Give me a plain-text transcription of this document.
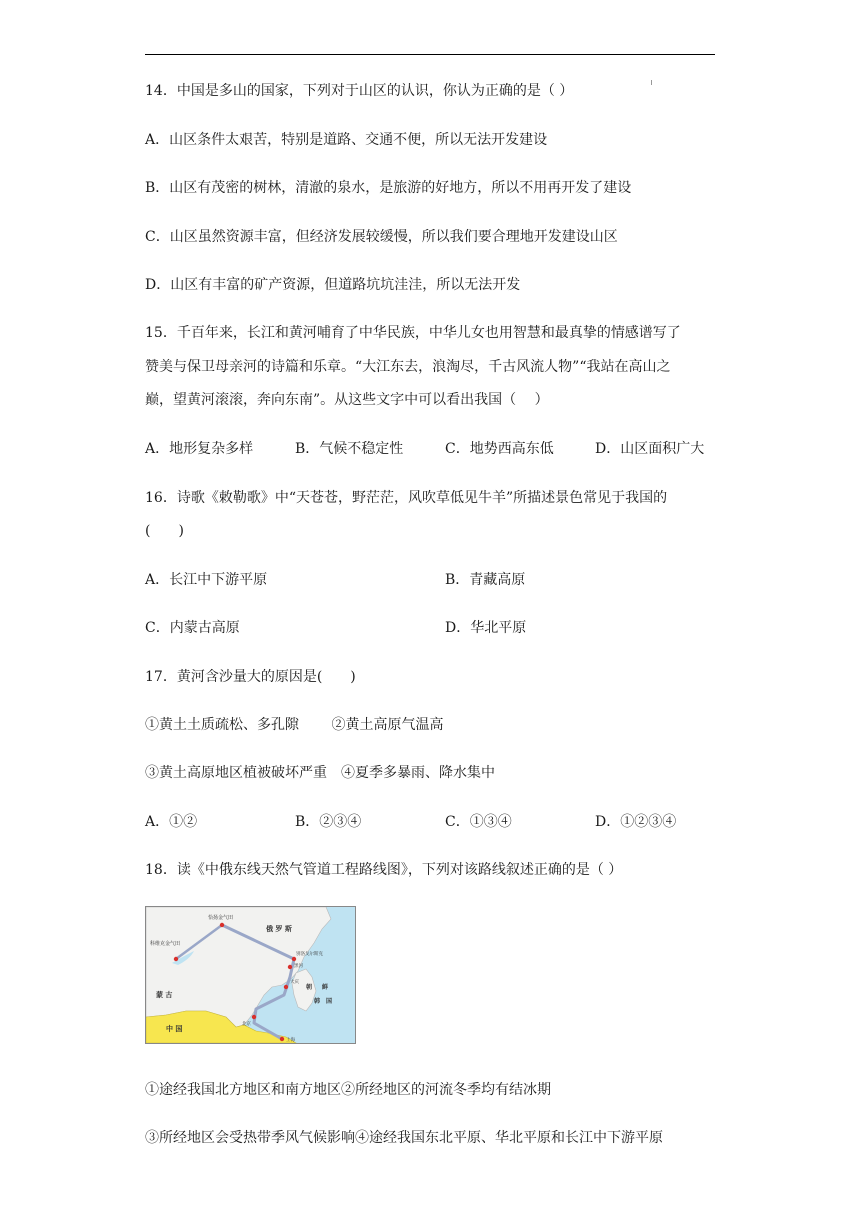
14．中国是多山的国家，下列对于山区的认识，你认为正确的是（ ）
A．山区条件太艰苦，特别是道路、交通不便，所以无法开发建设
B．山区有茂密的树林，清澈的泉水，是旅游的好地方，所以不用再开发了建设
C．山区虽然资源丰富，但经济发展较缓慢，所以我们要合理地开发建设山区
D．山区有丰富的矿产资源，但道路坑坑洼洼，所以无法开发
15．千百年来，长江和黄河哺育了中华民族，中华儿女也用智慧和最真挚的情感谱写了
赞美与保卫母亲河的诗篇和乐章。“大江东去，浪淘尽，千古风流人物”“我站在高山之
巅，望黄河滚滚，奔向东南”。从这些文字中可以看出我国（　 ）
A．地形复杂多样	B．气候不稳定性	C．地势西高东低	D．山区面积广大
16．诗歌《敕勒歌》中“天苍苍，野茫茫，风吹草低见牛羊”所描述景色常见于我国的
(　　)
A．长江中下游平原	B．青藏高原
C．内蒙古高原	D．华北平原
17．黄河含沙量大的原因是(　　)
①黄土土质疏松、多孔隙　　 ②黄土高原气温高
③黄土高原地区植被破坏严重　④夏季多暴雨、降水集中
A．①②	B．②③④	C．①③④	D．①②③④
18．读《中俄东线天然气管道工程路线图》，下列对该路线叙述正确的是（ ）
恰扬金气田
科维克金气田
俄 罗 斯
别洛戈尔斯克
黑河
大庆
蒙 古
朝 鲜
韩 国
中 国
北京
上海
①途经我国北方地区和南方地区②所经地区的河流冬季均有结冰期
③所经地区会受热带季风气候影响④途经我国东北平原、华北平原和长江中下游平原
